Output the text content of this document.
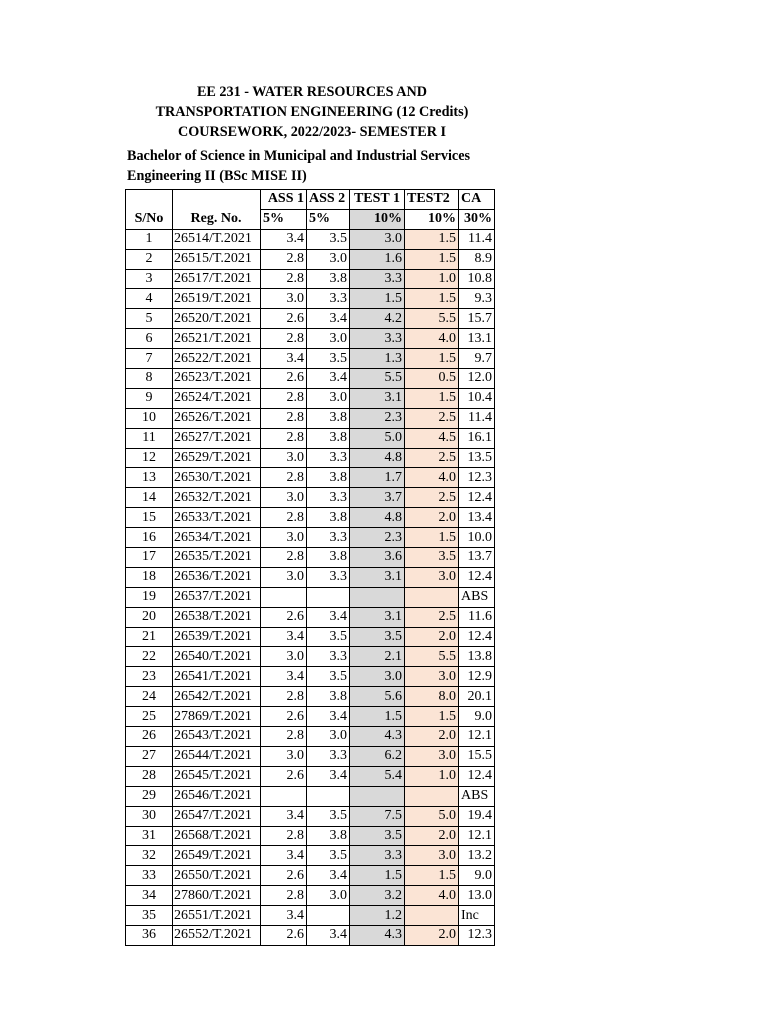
EE 231 - WATER RESOURCES AND
TRANSPORTATION ENGINEERING (12 Credits)
COURSEWORK, 2022/2023- SEMESTER I
Bachelor of Science in Municipal and Industrial Services
Engineering II (BSc MISE II)
		ASS 1	ASS 2	TEST 1	TEST2	CA
S/No	Reg. No.	5%	5%	10%	10%	30%
1	26514/T.2021	3.4	3.5	3.0	1.5	11.4
2	26515/T.2021	2.8	3.0	1.6	1.5	8.9
3	26517/T.2021	2.8	3.8	3.3	1.0	10.8
4	26519/T.2021	3.0	3.3	1.5	1.5	9.3
5	26520/T.2021	2.6	3.4	4.2	5.5	15.7
6	26521/T.2021	2.8	3.0	3.3	4.0	13.1
7	26522/T.2021	3.4	3.5	1.3	1.5	9.7
8	26523/T.2021	2.6	3.4	5.5	0.5	12.0
9	26524/T.2021	2.8	3.0	3.1	1.5	10.4
10	26526/T.2021	2.8	3.8	2.3	2.5	11.4
11	26527/T.2021	2.8	3.8	5.0	4.5	16.1
12	26529/T.2021	3.0	3.3	4.8	2.5	13.5
13	26530/T.2021	2.8	3.8	1.7	4.0	12.3
14	26532/T.2021	3.0	3.3	3.7	2.5	12.4
15	26533/T.2021	2.8	3.8	4.8	2.0	13.4
16	26534/T.2021	3.0	3.3	2.3	1.5	10.0
17	26535/T.2021	2.8	3.8	3.6	3.5	13.7
18	26536/T.2021	3.0	3.3	3.1	3.0	12.4
19	26537/T.2021					ABS
20	26538/T.2021	2.6	3.4	3.1	2.5	11.6
21	26539/T.2021	3.4	3.5	3.5	2.0	12.4
22	26540/T.2021	3.0	3.3	2.1	5.5	13.8
23	26541/T.2021	3.4	3.5	3.0	3.0	12.9
24	26542/T.2021	2.8	3.8	5.6	8.0	20.1
25	27869/T.2021	2.6	3.4	1.5	1.5	9.0
26	26543/T.2021	2.8	3.0	4.3	2.0	12.1
27	26544/T.2021	3.0	3.3	6.2	3.0	15.5
28	26545/T.2021	2.6	3.4	5.4	1.0	12.4
29	26546/T.2021					ABS
30	26547/T.2021	3.4	3.5	7.5	5.0	19.4
31	26568/T.2021	2.8	3.8	3.5	2.0	12.1
32	26549/T.2021	3.4	3.5	3.3	3.0	13.2
33	26550/T.2021	2.6	3.4	1.5	1.5	9.0
34	27860/T.2021	2.8	3.0	3.2	4.0	13.0
35	26551/T.2021	3.4		1.2		Inc
36	26552/T.2021	2.6	3.4	4.3	2.0	12.3
